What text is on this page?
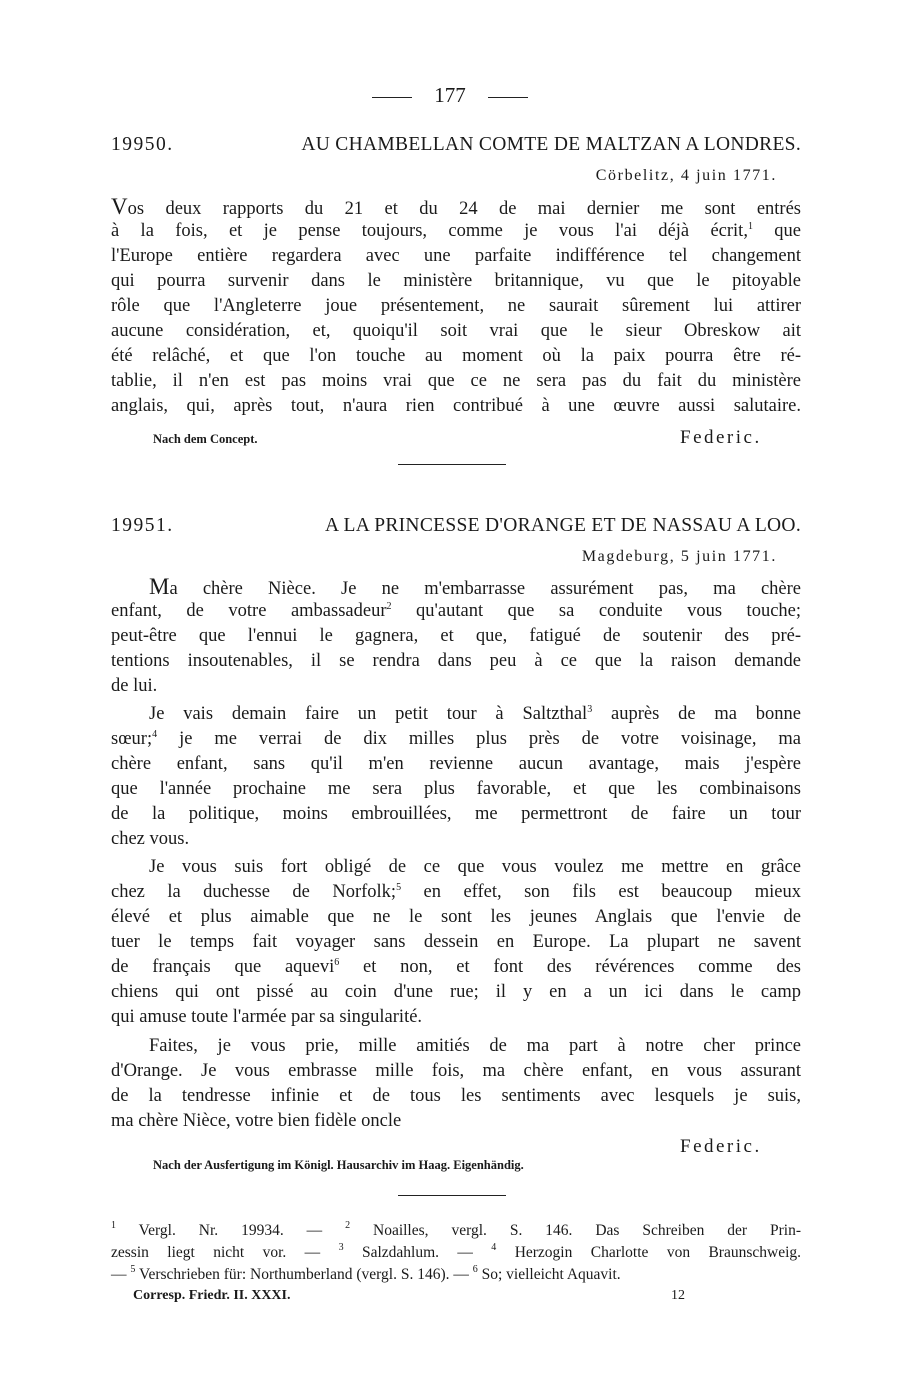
177
19950.	AU CHAMBELLAN COMTE DE MALTZAN A LONDRES.
Cörbelitz, 4 juin 1771.
Vos deux rapports du 21 et du 24 de mai dernier me sont entrés
à la fois, et je pense toujours, comme je vous l'ai déjà écrit,$^1$ que
l'Europe entière regardera avec une parfaite indifférence tel changement
qui pourra survenir dans le ministère britannique, vu que le pitoyable
rôle que l'Angleterre joue présentement, ne saurait sûrement lui attirer
aucune considération, et, quoiqu'il soit vrai que le sieur Obreskow ait
été relâché, et que l'on touche au moment où la paix pourra être ré-
tablie, il n'en est pas moins vrai que ce ne sera pas du fait du ministère
anglais, qui, après tout, n'aura rien contribué à une œuvre aussi salutaire.
Nach dem Concept.	Federic.
19951.	A LA PRINCESSE D'ORANGE ET DE NASSAU A LOO.
Magdeburg, 5 juin 1771.
Ma chère Nièce. Je ne m'embarrasse assurément pas, ma chère
enfant, de votre ambassadeur$^2$ qu'autant que sa conduite vous touche;
peut-être que l'ennui le gagnera, et que, fatigué de soutenir des pré-
tentions insoutenables, il se rendra dans peu à ce que la raison demande
de lui.
Je vais demain faire un petit tour à Saltzthal$^3$ auprès de ma bonne
sœur;$^4$ je me verrai de dix milles plus près de votre voisinage, ma
chère enfant, sans qu'il m'en revienne aucun avantage, mais j'espère
que l'année prochaine me sera plus favorable, et que les combinaisons
de la politique, moins embrouillées, me permettront de faire un tour
chez vous.
Je vous suis fort obligé de ce que vous voulez me mettre en grâce
chez la duchesse de Norfolk;$^5$ en effet, son fils est beaucoup mieux
élevé et plus aimable que ne le sont les jeunes Anglais que l'envie de
tuer le temps fait voyager sans dessein en Europe. La plupart ne savent
de français que aquevi$^6$ et non, et font des révérences comme des
chiens qui ont pissé au coin d'une rue; il y en a un ici dans le camp
qui amuse toute l'armée par sa singularité.
Faites, je vous prie, mille amitiés de ma part à notre cher prince
d'Orange. Je vous embrasse mille fois, ma chère enfant, en vous assurant
de la tendresse infinie et de tous les sentiments avec lesquels je suis,
ma chère Nièce, votre bien fidèle oncle
Federic.
Nach der Ausfertigung im Königl. Hausarchiv im Haag. Eigenhändig.
$^1$ Vergl. Nr. 19934. — $^2$ Noailles, vergl. S. 146. Das Schreiben der Prin-
zessin liegt nicht vor. — $^3$ Salzdahlum. — $^4$ Herzogin Charlotte von Braunschweig.
— $^5$ Verschrieben für: Northumberland (vergl. S. 146). — $^6$ So; vielleicht Aquavit.
Corresp. Friedr. II. XXXI.	12
